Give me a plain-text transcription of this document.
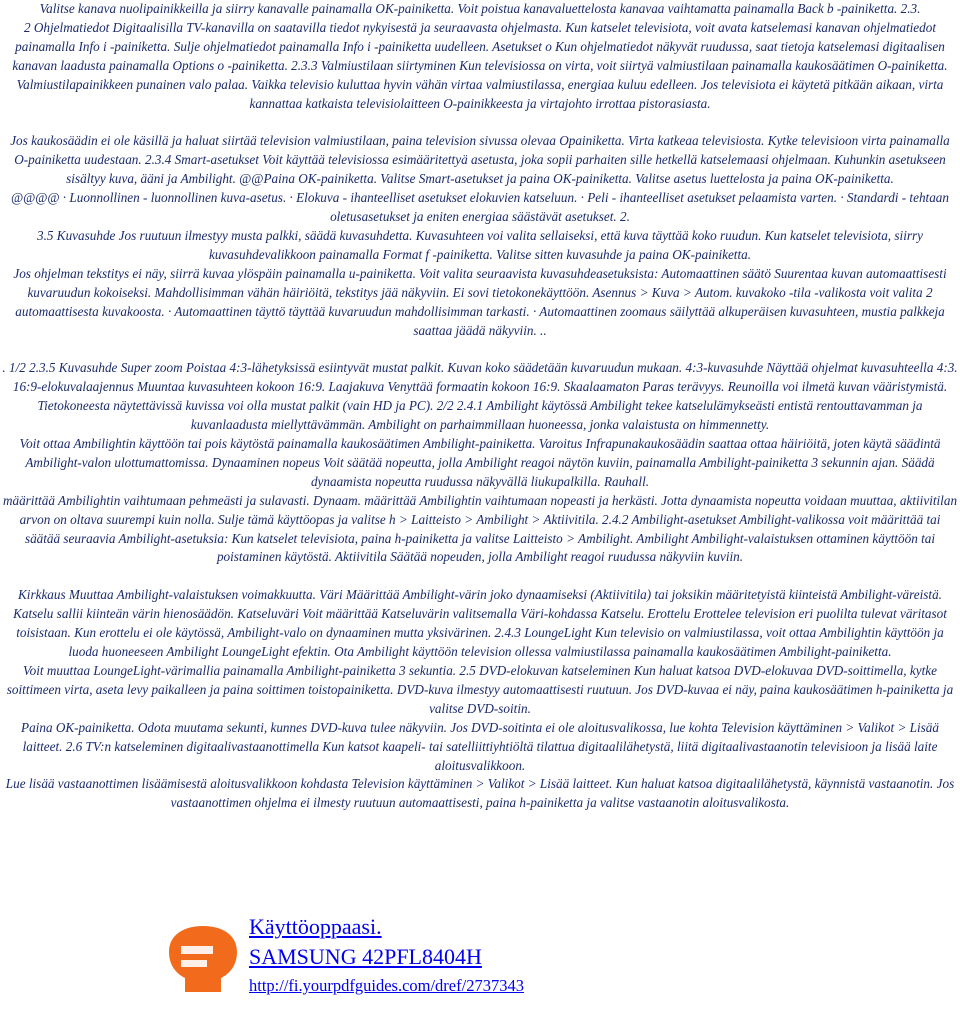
Valitse kanava nuolipainikkeilla ja siirry kanavalle painamalla OK-painiketta. Voit poistua kanavaluettelosta kanavaa vaihtamatta painamalla Back b -painiketta. 2.3.

2 Ohjelmatiedot Digitaalisilla TV-kanavilla on saatavilla tiedot nykyisestä ja seuraavasta ohjelmasta. Kun katselet televisiota, voit avata katselemasi kanavan ohjelmatiedot painamalla Info i -painiketta. Sulje ohjelmatiedot painamalla Info i -painiketta uudelleen. Asetukset o Kun ohjelmatiedot näkyvät ruudussa, saat tietoja katselemasi digitaalisen kanavan laadusta painamalla Options o -painiketta. 2.3.3 Valmiustilaan siirtyminen Kun televisiossa on virta, voit siirtyä valmiustilaan painamalla kaukosäätimen O-painiketta. Valmiustilapainikkeen punainen valo palaa. Vaikka televisio kuluttaa hyvin vähän virtaa valmiustilassa, energiaa kuluu edelleen. Jos televisiota ei käytetä pitkään aikaan, virta kannattaa katkaista televisiolaitteen O-painikkeesta ja virtajohto irrottaa pistorasiasta.

Jos kaukosäädin ei ole käsillä ja haluat siirtää television valmiustilaan, paina television sivussa olevaa Opainiketta. Virta katkeaa televisiosta. Kytke televisioon virta painamalla O-painiketta uudestaan. 2.3.4 Smart-asetukset Voit käyttää televisiossa esimääritettyä asetusta, joka sopii parhaiten sille hetkellä katselemaasi ohjelmaan. Kuhunkin asetukseen sisältyy kuva, ääni ja Ambilight. @@Paina OK-painiketta. Valitse Smart-asetukset ja paina OK-painiketta. Valitse asetus luettelosta ja paina OK-painiketta.

@@@@ · Luonnollinen - luonnollinen kuva-asetus. · Elokuva - ihanteelliset asetukset elokuvien katseluun. · Peli - ihanteelliset asetukset pelaamista varten. · Standardi - tehtaan oletusasetukset ja eniten energiaa säästävät asetukset. 2.

3.5 Kuvasuhde Jos ruutuun ilmestyy musta palkki, säädä kuvasuhdetta. Kuvasuhteen voi valita sellaiseksi, että kuva täyttää koko ruudun. Kun katselet televisiota, siirry kuvasuhdevalikkoon painamalla Format f -painiketta. Valitse sitten kuvasuhde ja paina OK-painiketta.

Jos ohjelman tekstitys ei näy, siirrä kuvaa ylöspäin painamalla u-painiketta. Voit valita seuraavista kuvasuhdeasetuksista: Automaattinen säätö Suurentaa kuvan automaattisesti kuvaruudun kokoiseksi. Mahdollisimman vähän häiriöitä, tekstitys jää näkyviin. Ei sovi tietokonekäyttöön. Asennus > Kuva > Autom. kuvakoko -tila -valikosta voit valita 2 automaattisesta kuvakoosta. · Automaattinen täyttö täyttää kuvaruudun mahdollisimman tarkasti. · Automaattinen zoomaus säilyttää alkuperäisen kuvasuhteen, mustia palkkeja saattaa jäädä näkyviin. ..

. 1/2 2.3.5 Kuvasuhde Super zoom Poistaa 4:3-lähetyksissä esiintyvät mustat palkit. Kuvan koko säädetään kuvaruudun mukaan. 4:3-kuvasuhde Näyttää ohjelmat kuvasuhteella 4:3. 16:9-elokuvalaajennus Muuntaa kuvasuhteen kokoon 16:9. Laajakuva Venyttää formaatin kokoon 16:9. Skaalaamaton Paras terävyys. Reunoilla voi ilmetä kuvan vääristymistä.

Tietokoneesta näytettävissä kuvissa voi olla mustat palkit (vain HD ja PC). 2/2 2.4.1 Ambilight käytössä Ambilight tekee katselulämykseästi entistä rentouttavamman ja kuvanlaadusta miellyttävämmän. Ambilight on parhaimmillaan huoneessa, jonka valaistusta on himmennetty.

Voit ottaa Ambilightin käyttöön tai pois käytöstä painamalla kaukosäätimen Ambilight-painiketta. Varoitus Infrapunakaukosäädin saattaa ottaa häiriöitä, joten käytä säädintä Ambilight-valon ulottumattomissa. Dynaaminen nopeus Voit säätää nopeutta, jolla Ambilight reagoi näytön kuviin, painamalla Ambilight-painiketta 3 sekunnin ajan. Säädä dynaamista nopeutta ruudussa näkyvällä liukupalkilla. Rauhall.

määrittää Ambilightin vaihtumaan pehmeästi ja sulavasti. Dynaam. määrittää Ambilightin vaihtumaan nopeasti ja herkästi. Jotta dynaamista nopeutta voidaan muuttaa, aktiivitilan arvon on oltava suurempi kuin nolla. Sulje tämä käyttöopas ja valitse h > Laitteisto > Ambilight > Aktiivitila. 2.4.2 Ambilight-asetukset Ambilight-valikossa voit määrittää tai säätää seuraavia Ambilight-asetuksia: Kun katselet televisiota, paina h-painiketta ja valitse Laitteisto > Ambilight. Ambilight Ambilight-valaistuksen ottaminen käyttöön tai poistaminen käytöstä. Aktiivitila Säätää nopeuden, jolla Ambilight reagoi ruudussa näkyviin kuviin.

Kirkkaus Muuttaa Ambilight-valaistuksen voimakkuutta. Väri Määrittää Ambilight-värin joko dynaamiseksi (Aktiivitila) tai joksikin määritetyistä kiinteistä Ambilight-väreistä. Katselu sallii kiinteän värin hienosäädön. Katseluväri Voit määrittää Katseluvärin valitsemalla Väri-kohdassa Katselu. Erottelu Erottelee television eri puolilta tulevat väritasot toisistaan. Kun erottelu ei ole käytössä, Ambilight-valo on dynaaminen mutta yksivärinen. 2.4.3 LoungeLight Kun televisio on valmiustilassa, voit ottaa Ambilightin käyttöön ja luoda huoneeseen Ambilight LoungeLight efektin. Ota Ambilight käyttöön television ollessa valmiustilassa painamalla kaukosäätimen Ambilight-painiketta.

Voit muuttaa LoungeLight-värimallia painamalla Ambilight-painiketta 3 sekuntia. 2.5 DVD-elokuvan katseleminen Kun haluat katsoa DVD-elokuvaa DVD-soittimella, kytke soittimeen virta, aseta levy paikalleen ja paina soittimen toistopainiketta. DVD-kuva ilmestyy automaattisesti ruutuun. Jos DVD-kuvaa ei näy, paina kaukosäätimen h-painiketta ja valitse DVD-soitin.

Paina OK-painiketta. Odota muutama sekunti, kunnes DVD-kuva tulee näkyviin. Jos DVD-soitinta ei ole aloitusvalikossa, lue kohta Television käyttäminen > Valikot > Lisää laitteet. 2.6 TV:n katseleminen digitaalivastaanottimella Kun katsot kaapeli- tai satelliittiyhtiöltä tilattua digitaalilähetystä, liitä digitaalivastaanotin televisioon ja lisää laite aloitusvalikkoon.

Lue lisää vastaanottimen lisäämisestä aloitusvalikkoon kohdasta Television käyttäminen > Valikot > Lisää laitteet. Kun haluat katsoa digitaalilähetystä, käynnistä vastaanotin. Jos vastaanottimen ohjelma ei ilmesty ruutuun automaattisesti, paina h-painiketta ja valitse vastaanotin aloitusvalikosta.

Käyttöoppaasi.
SAMSUNG 42PFL8404H
http://fi.yourpdfguides.com/dref/2737343
